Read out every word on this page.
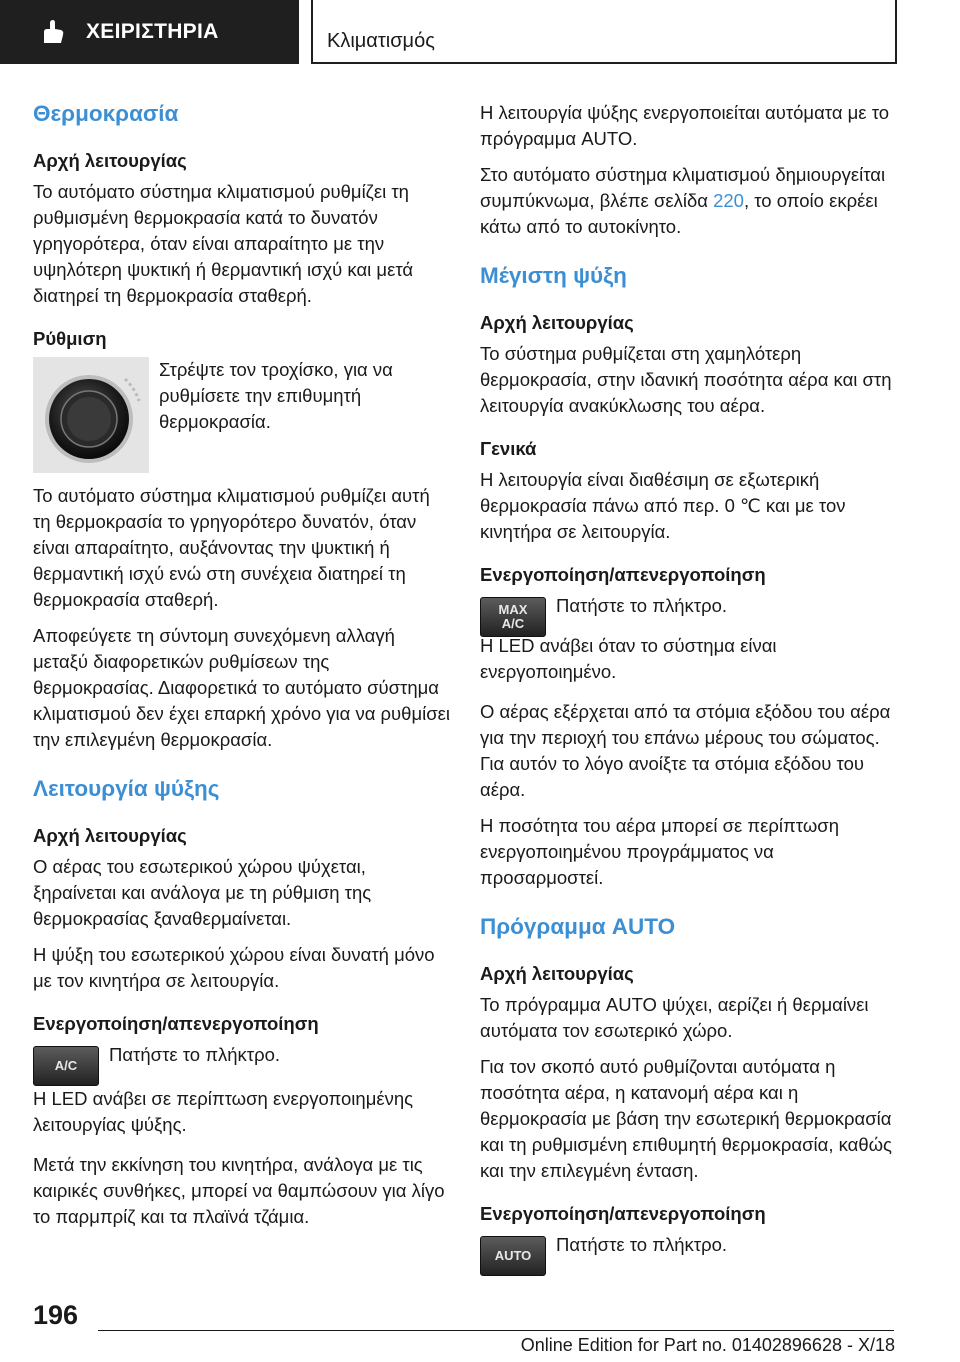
ΧΕΙΡΙΣΤΗΡΙΑ	Κλιματισμός
Θερμοκρασία
Αρχή λειτουργίας

Το αυτόματο σύστημα κλιματισμού ρυθμίζει τη ρυθμισμένη θερμοκρασία κατά το δυνατόν γρηγορότερα, όταν είναι απαραίτητο με την υψηλότερη ψυκτική ή θερμαντική ισχύ και μετά διατηρεί τη θερμοκρασία σταθερή.

Ρύθμιση

Στρέψτε τον τροχίσκο, για να ρυθμίσετε την επιθυμητή θερμοκρασία.

Το αυτόματο σύστημα κλιματισμού ρυθμίζει αυτή τη θερμοκρασία το γρηγορότερο δυνατόν, όταν είναι απαραίτητο, αυξάνοντας την ψυκτική ή θερμαντική ισχύ ενώ στη συνέχεια διατηρεί τη θερμοκρασία σταθερή.

Αποφεύγετε τη σύντομη συνεχόμενη αλλαγή μεταξύ διαφορετικών ρυθμίσεων της θερμοκρασίας. Διαφορετικά το αυτόματο σύστημα κλιματισμού δεν έχει επαρκή χρόνο για να ρυθμίσει την επιλεγμένη θερμοκρασία.

Λειτουργία ψύξης
Αρχή λειτουργίας

Ο αέρας του εσωτερικού χώρου ψύχεται, ξηραίνεται και ανάλογα με τη ρύθμιση της θερμοκρασίας ξαναθερμαίνεται.

Η ψύξη του εσωτερικού χώρου είναι δυνατή μόνο με τον κινητήρα σε λειτουργία.

Ενεργοποίηση/απενεργοποίηση
A/C

Πατήστε το πλήκτρο.

Η LED ανάβει σε περίπτωση ενεργοποιημένης λειτουργίας ψύξης.

Μετά την εκκίνηση του κινητήρα, ανάλογα με τις καιρικές συνθήκες, μπορεί να θαμπώσουν για λίγο το παρμπρίζ και τα πλαϊνά τζάμια.

Η λειτουργία ψύξης ενεργοποιείται αυτόματα με το πρόγραμμα AUTO.

Στο αυτόματο σύστημα κλιματισμού δημιουργείται συμπύκνωμα, βλέπε σελίδα 220, το οποίο εκρέει κάτω από το αυτοκίνητο.

Μέγιστη ψύξη
Αρχή λειτουργίας

Το σύστημα ρυθμίζεται στη χαμηλότερη θερμοκρασία, στην ιδανική ποσότητα αέρα και στη λειτουργία ανακύκλωσης του αέρα.

Γενικά

Η λειτουργία είναι διαθέσιμη σε εξωτερική θερμοκρασία πάνω από περ. 0 ℃ και με τον κινητήρα σε λειτουργία.

Ενεργοποίηση/απενεργοποίηση
MAX
A/C

Πατήστε το πλήκτρο.

Η LED ανάβει όταν το σύστημα είναι ενεργοποιημένο.

Ο αέρας εξέρχεται από τα στόμια εξόδου του αέρα για την περιοχή του επάνω μέρους του σώματος. Για αυτόν το λόγο ανοίξτε τα στόμια εξόδου του αέρα.

Η ποσότητα του αέρα μπορεί σε περίπτωση ενεργοποιημένου προγράμματος να προσαρμοστεί.

Πρόγραμμα AUTO
Αρχή λειτουργίας

Το πρόγραμμα AUTO ψύχει, αερίζει ή θερμαίνει αυτόματα τον εσωτερικό χώρο.

Για τον σκοπό αυτό ρυθμίζονται αυτόματα η ποσότητα αέρα, η κατανομή αέρα και η θερμοκρασία με βάση την εσωτερική θερμοκρασία και τη ρυθμισμένη επιθυμητή θερμοκρασία, καθώς και την επιλεγμένη ένταση.

Ενεργοποίηση/απενεργοποίηση
AUTO

Πατήστε το πλήκτρο.

196
Online Edition for Part no. 01402896628 - X/18
